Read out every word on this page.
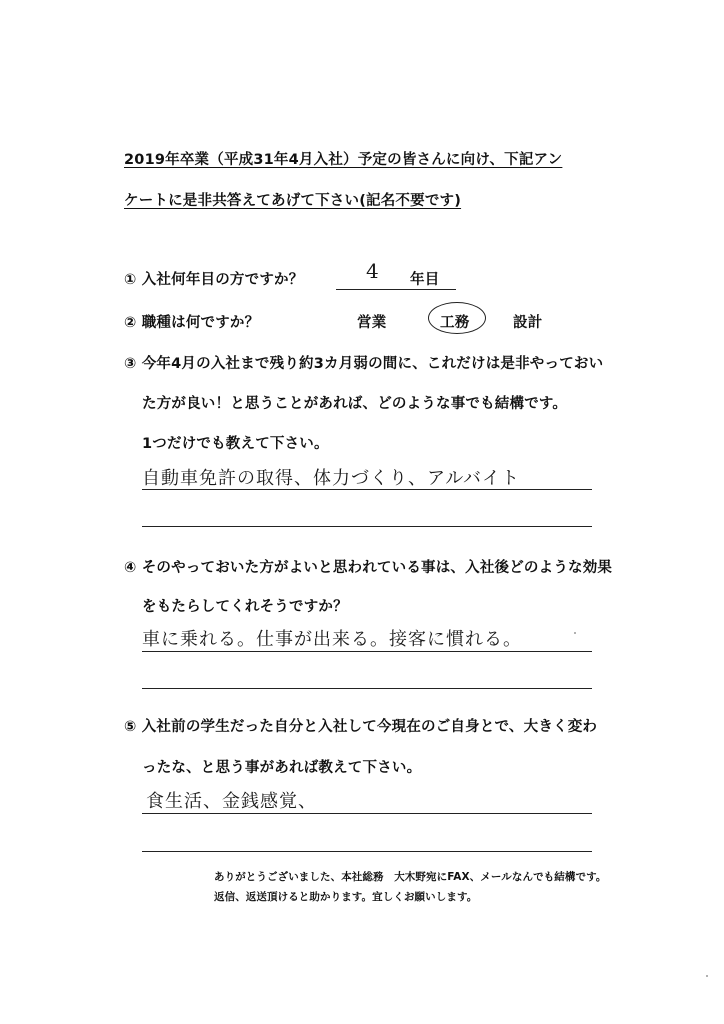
2019年卒業（平成31年4月入社）予定の皆さんに向け、下記アン
ケートに是非共答えてあげて下さい(記名不要です)
① 入社何年目の方ですか？	4 年目
② 職種は何ですか？	営業	工務	設計
③ 今年4月の入社まで残り約3カ月弱の間に、これだけは是非やっておい
た方が良い！と思うことがあれば、どのような事でも結構です。
1つだけでも教えて下さい。
自動車免許の取得、体力づくり、アルバイト
④ そのやっておいた方がよいと思われている事は、入社後どのような効果
をもたらしてくれそうですか？
車に乗れる。仕事が出来る。接客に慣れる。
⑤ 入社前の学生だった自分と入社して今現在のご自身とで、大きく変わ
ったな、と思う事があれば教えて下さい。
食生活、金銭感覚、
ありがとうございました、本社総務　大木野宛にFAX、メールなんでも結構です。
返信、返送頂けると助かります。宜しくお願いします。
